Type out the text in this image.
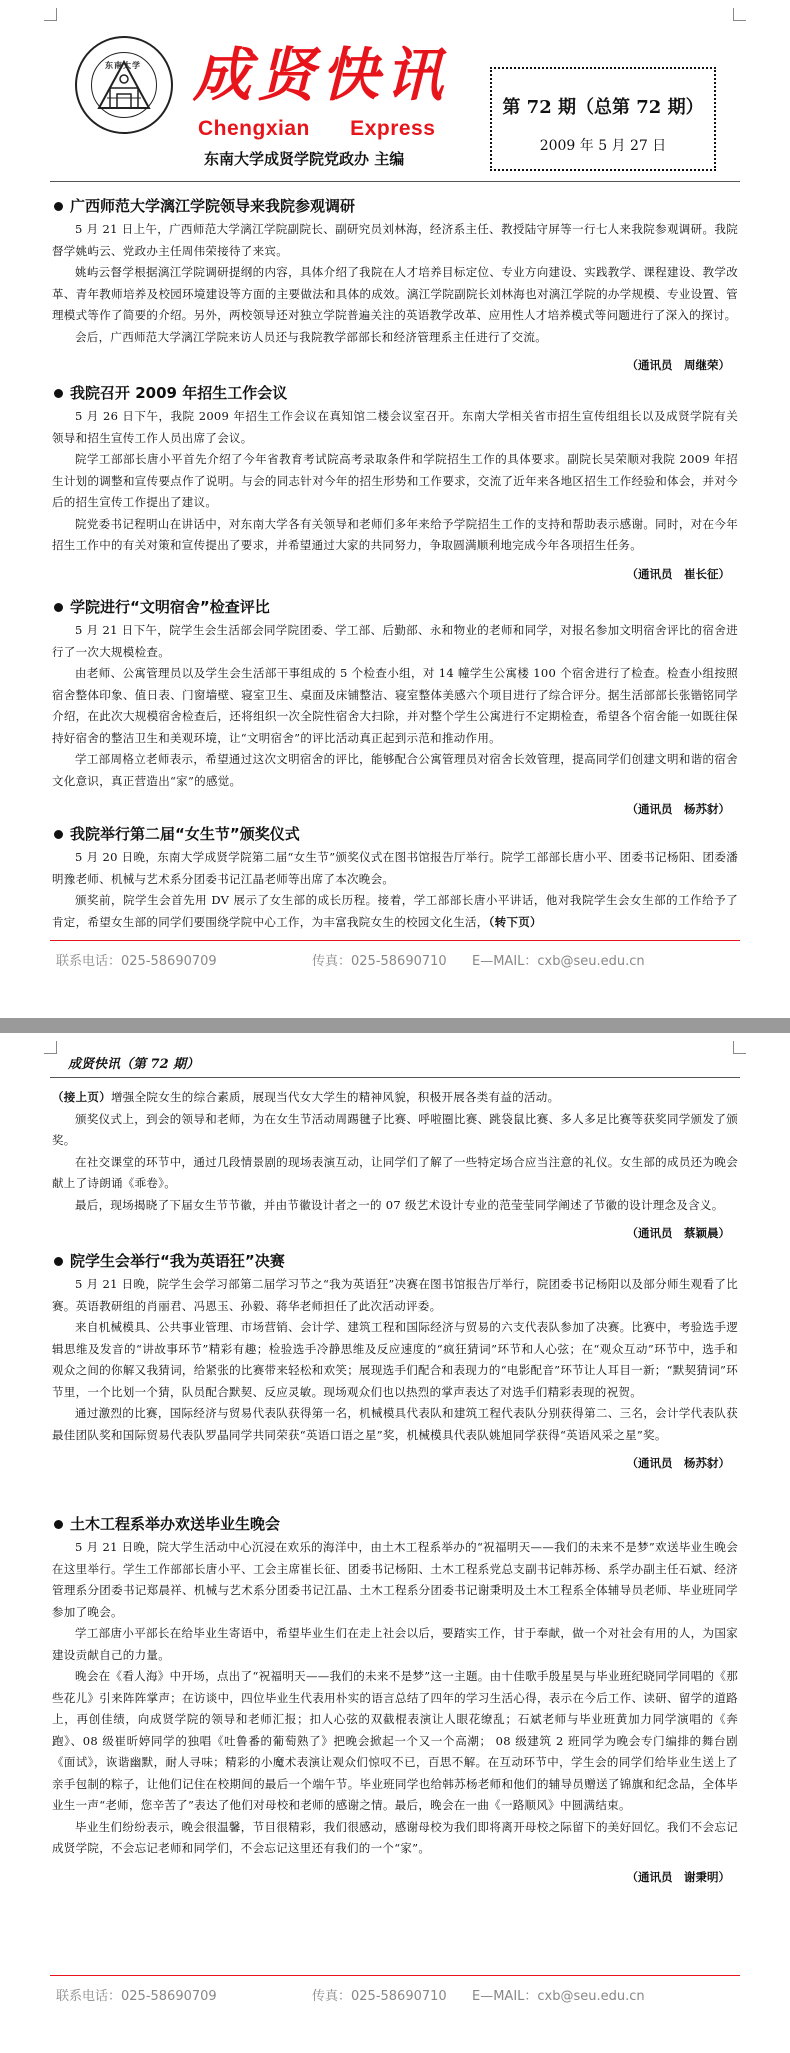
东南大学 成贤快讯
Chengxian Express
东南大学成贤学院党政办 主编
第 72 期（总第 72 期）
2009 年 5 月 27 日
广西师范大学漓江学院领导来我院参观调研

5 月 21 日上午，广西师范大学漓江学院副院长、副研究员刘林海，经济系主任、教授陆守屏等一行七人来我院参观调研。我院督学姚屿云、党政办主任周伟荣接待了来宾。

姚屿云督学根据漓江学院调研提纲的内容，具体介绍了我院在人才培养目标定位、专业方向建设、实践教学、课程建设、教学改革、青年教师培养及校园环境建设等方面的主要做法和具体的成效。漓江学院副院长刘林海也对漓江学院的办学规模、专业设置、管理模式等作了简要的介绍。另外，两校领导还对独立学院普遍关注的英语教学改革、应用性人才培养模式等问题进行了深入的探讨。

会后，广西师范大学漓江学院来访人员还与我院教学部部长和经济管理系主任进行了交流。

（通讯员　周继荣）
我院召开 2009 年招生工作会议

5 月 26 日下午，我院 2009 年招生工作会议在真知馆二楼会议室召开。东南大学相关省市招生宣传组组长以及成贤学院有关领导和招生宣传工作人员出席了会议。

院学工部部长唐小平首先介绍了今年省教育考试院高考录取条件和学院招生工作的具体要求。副院长吴荣顺对我院 2009 年招生计划的调整和宣传要点作了说明。与会的同志针对今年的招生形势和工作要求，交流了近年来各地区招生工作经验和体会，并对今后的招生宣传工作提出了建议。

院党委书记程明山在讲话中，对东南大学各有关领导和老师们多年来给予学院招生工作的支持和帮助表示感谢。同时，对在今年招生工作中的有关对策和宣传提出了要求，并希望通过大家的共同努力，争取圆满顺利地完成今年各项招生任务。

（通讯员　崔长征）
学院进行“文明宿舍”检查评比

5 月 21 日下午，院学生会生活部会同学院团委、学工部、后勤部、永和物业的老师和同学，对报名参加文明宿舍评比的宿舍进行了一次大规模检查。

由老师、公寓管理员以及学生会生活部干事组成的 5 个检查小组，对 14 幢学生公寓楼 100 个宿舍进行了检查。检查小组按照宿舍整体印象、值日表、门窗墙壁、寝室卫生、桌面及床铺整洁、寝室整体美感六个项目进行了综合评分。据生活部部长张锴铭同学介绍，在此次大规模宿舍检查后，还将组织一次全院性宿舍大扫除，并对整个学生公寓进行不定期检查，希望各个宿舍能一如既往保持好宿舍的整洁卫生和美观环境，让“文明宿舍”的评比活动真正起到示范和推动作用。

学工部周格立老师表示，希望通过这次文明宿舍的评比，能够配合公寓管理员对宿舍长效管理，提高同学们创建文明和谐的宿舍文化意识，真正营造出“家”的感觉。

（通讯员　杨苏豺）
我院举行第二届“女生节”颁奖仪式

5 月 20 日晚，东南大学成贤学院第二届“女生节”颁奖仪式在图书馆报告厅举行。院学工部部长唐小平、团委书记杨阳、团委潘明豫老师、机械与艺术系分团委书记江晶老师等出席了本次晚会。

颁奖前，院学生会首先用 DV 展示了女生部的成长历程。接着，学工部部长唐小平讲话，他对我院学生会女生部的工作给予了肯定，希望女生部的同学们要围绕学院中心工作，为丰富我院女生的校园文化生活，（转下页）

联系电话：025-58690709	传真：025-58690710 E—MAIL：cxb@seu.edu.cn
成贤快讯（第 72 期）

（接上页）增强全院女生的综合素质，展现当代女大学生的精神风貌，积极开展各类有益的活动。

颁奖仪式上，到会的领导和老师，为在女生节活动周踢毽子比赛、呼啦圈比赛、跳袋鼠比赛、多人多足比赛等获奖同学颁发了颁奖。

在社交课堂的环节中，通过几段情景剧的现场表演互动，让同学们了解了一些特定场合应当注意的礼仪。女生部的成员还为晚会献上了诗朗诵《乖卷》。

最后，现场揭晓了下届女生节节徽，并由节徽设计者之一的 07 级艺术设计专业的范莹莹同学阐述了节徽的设计理念及含义。

（通讯员　蔡颖晨）
院学生会举行“我为英语狂”决赛

5 月 21 日晚，院学生会学习部第二届学习节之“我为英语狂”决赛在图书馆报告厅举行，院团委书记杨阳以及部分师生观看了比赛。英语教研组的肖丽君、冯恩玉、孙毅、蒋华老师担任了此次活动评委。

来自机械模具、公共事业管理、市场营销、会计学、建筑工程和国际经济与贸易的六支代表队参加了决赛。比赛中，考验选手逻辑思维及发音的“讲故事环节”精彩有趣；检验选手冷静思维及反应速度的“疯狂猜词”环节和人心弦；在“观众互动”环节中，选手和观众之间的你解又我猜词，给紧张的比赛带来轻松和欢笑；展现选手们配合和表现力的“电影配音”环节让人耳目一新；“默契猜词”环节里，一个比划一个猜，队员配合默契、反应灵敏。现场观众们也以热烈的掌声表达了对选手们精彩表现的祝贺。

通过激烈的比赛，国际经济与贸易代表队获得第一名，机械模具代表队和建筑工程代表队分别获得第二、三名，会计学代表队获最佳团队奖和国际贸易代表队罗晶同学共同荣获“英语口语之星”奖，机械模具代表队姚旭同学获得“英语风采之星”奖。

（通讯员　杨苏豺）
土木工程系举办欢送毕业生晚会

5 月 21 日晚，院大学生活动中心沉浸在欢乐的海洋中，由土木工程系举办的“祝福明天——我们的未来不是梦”欢送毕业生晚会在这里举行。学生工作部部长唐小平、工会主席崔长征、团委书记杨阳、土木工程系党总支副书记韩苏杨、系学办副主任石斌、经济管理系分团委书记郑晨祥、机械与艺术系分团委书记江晶、土木工程系分团委书记谢秉明及土木工程系全体辅导员老师、毕业班同学参加了晚会。

学工部唐小平部长在给毕业生寄语中，希望毕业生们在走上社会以后，要踏实工作，甘于奉献，做一个对社会有用的人，为国家建设贡献自己的力量。

晚会在《看人海》中开场，点出了“祝福明天——我们的未来不是梦”这一主题。由十佳歌手殷星昊与毕业班纪晓同学同唱的《那些花儿》引来阵阵掌声；在访谈中，四位毕业生代表用朴实的语言总结了四年的学习生活心得，表示在今后工作、读研、留学的道路上，再创佳绩，向成贤学院的领导和老师汇报；扣人心弦的双截棍表演让人眼花缭乱；石斌老师与毕业班黄加力同学演唱的《奔跑》、08 级崔昕婷同学的独唱《吐鲁番的葡萄熟了》把晚会掀起一个又一个高潮； 08 级建筑 2 班同学为晚会专门编排的舞台剧《面试》，诙谐幽默，耐人寻味；精彩的小魔术表演让观众们惊叹不已，百思不解。在互动环节中，学生会的同学们给毕业生送上了亲手包制的粽子，让他们记住在校期间的最后一个端午节。毕业班同学也给韩苏杨老师和他们的辅导员赠送了锦旗和纪念品，全体毕业生一声“老师，您辛苦了”表达了他们对母校和老师的感谢之情。最后，晚会在一曲《一路顺风》中圆满结束。

毕业生们纷纷表示，晚会很温馨，节目很精彩，我们很感动，感谢母校为我们即将离开母校之际留下的美好回忆。我们不会忘记成贤学院，不会忘记老师和同学们，不会忘记这里还有我们的一个“家”。

（通讯员　谢秉明）
联系电话：025-58690709	传真：025-58690710 E—MAIL：cxb@seu.edu.cn
